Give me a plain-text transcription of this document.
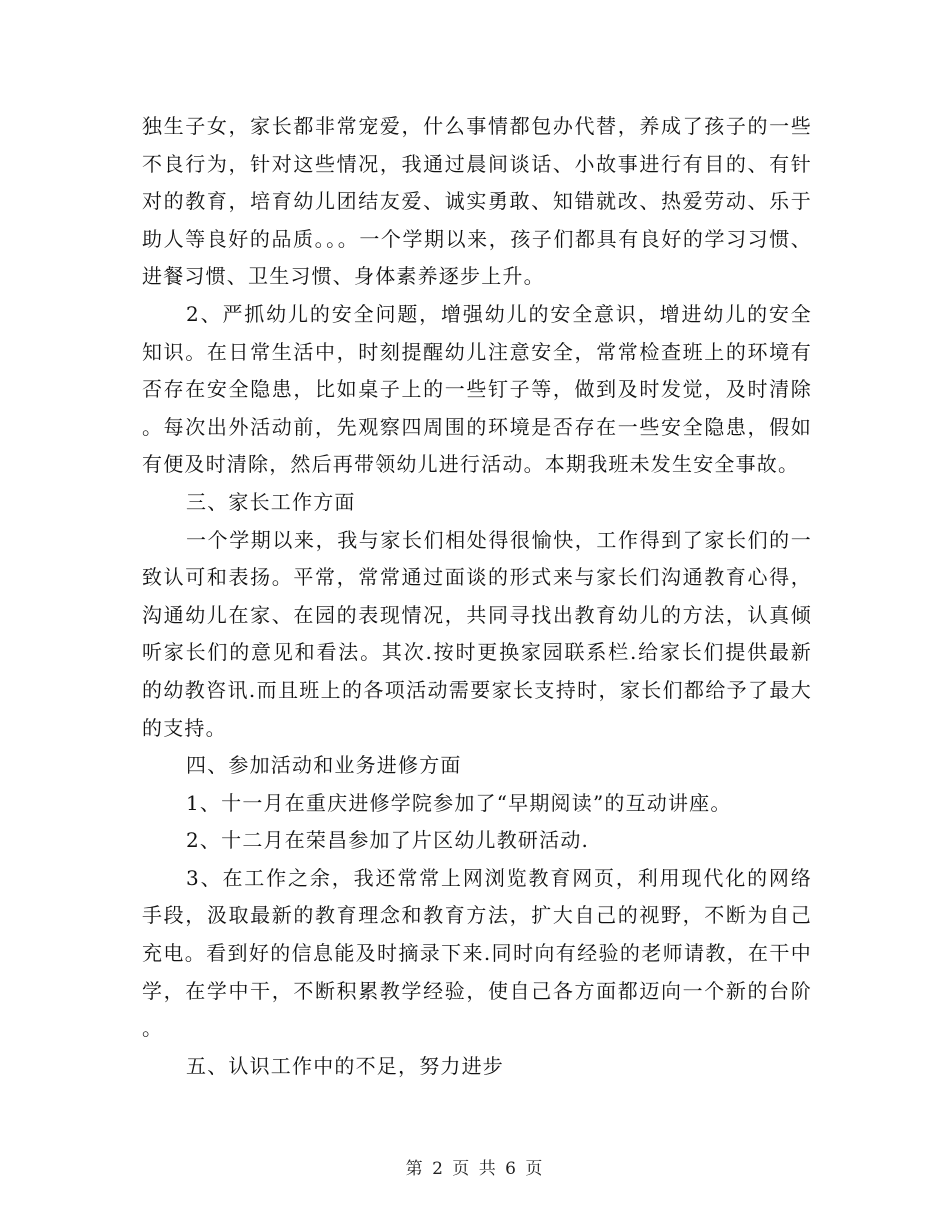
独生子女，家长都非常宠爱，什么事情都包办代替，养成了孩子的一些不良行为，针对这些情况，我通过晨间谈话、小故事进行有目的、有针对的教育，培育幼儿团结友爱、诚实勇敢、知错就改、热爱劳动、乐于助人等良好的品质。。。一个学期以来，孩子们都具有良好的学习习惯、进餐习惯、卫生习惯、身体素养逐步上升。

2、严抓幼儿的安全问题，增强幼儿的安全意识，增进幼儿的安全知识。在日常生活中，时刻提醒幼儿注意安全，常常检查班上的环境有否存在安全隐患，比如桌子上的一些钉子等，做到及时发觉，及时清除。每次出外活动前，先观察四周围的环境是否存在一些安全隐患，假如有便及时清除，然后再带领幼儿进行活动。本期我班未发生安全事故。

三、家长工作方面

一个学期以来，我与家长们相处得很愉快，工作得到了家长们的一致认可和表扬。平常，常常通过面谈的形式来与家长们沟通教育心得，沟通幼儿在家、在园的表现情况，共同寻找出教育幼儿的方法，认真倾听家长们的意见和看法。其次.按时更换家园联系栏.给家长们提供最新的幼教咨讯.而且班上的各项活动需要家长支持时，家长们都给予了最大的支持。

四、参加活动和业务进修方面

1、十一月在重庆进修学院参加了“早期阅读”的互动讲座。

2、十二月在荣昌参加了片区幼儿教研活动.

3、在工作之余，我还常常上网浏览教育网页，利用现代化的网络手段，汲取最新的教育理念和教育方法，扩大自己的视野，不断为自己充电。看到好的信息能及时摘录下来.同时向有经验的老师请教，在干中学，在学中干，不断积累教学经验，使自己各方面都迈向一个新的台阶。

五、认识工作中的不足，努力进步

第 2 页 共 6 页
